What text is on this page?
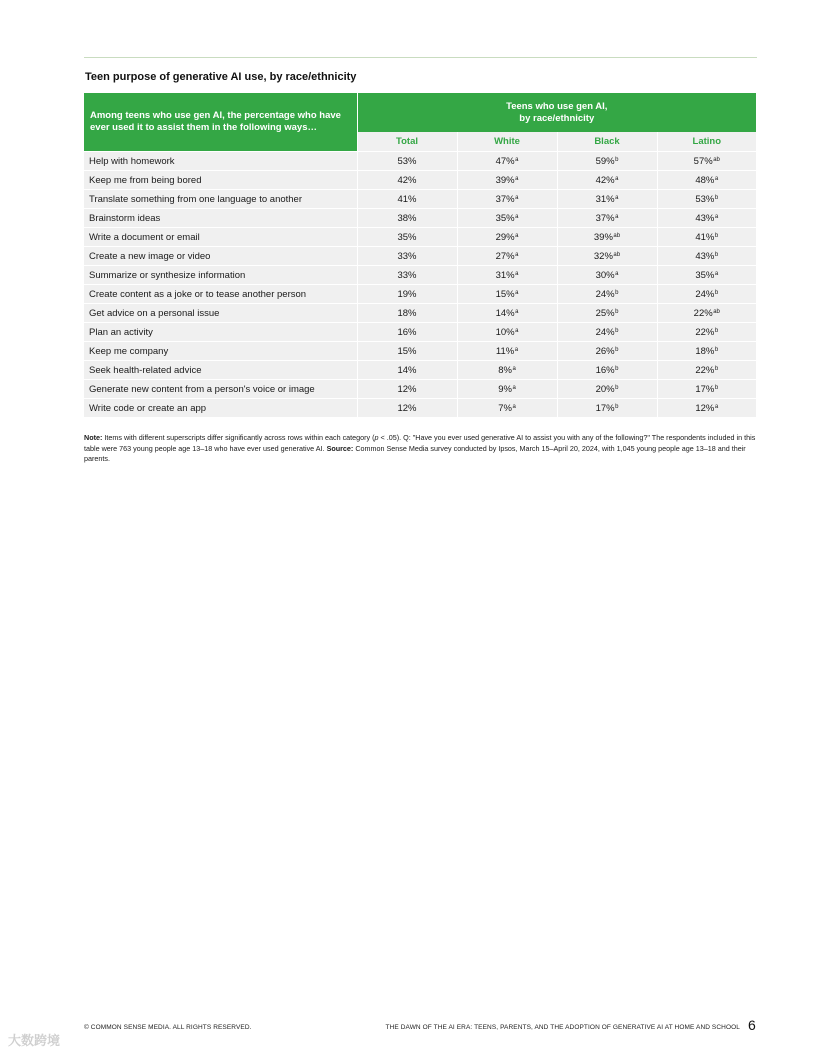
Teen purpose of generative AI use, by race/ethnicity
Among teens who use gen AI, the percentage who have ever used it to assist them in the following ways…	Teens who use gen AI,
by race/ethnicity			

	Total	White	Black	Latino
Help with homework	53%	47%$^a$	59%$^b$	57%$^{ab}$
Keep me from being bored	42%	39%$^a$	42%$^a$	48%$^a$
Translate something from one language to another	41%	37%$^a$	31%$^a$	53%$^b$
Brainstorm ideas	38%	35%$^a$	37%$^a$	43%$^a$
Write a document or email	35%	29%$^a$	39%$^{ab}$	41%$^b$
Create a new image or video	33%	27%$^a$	32%$^{ab}$	43%$^b$
Summarize or synthesize information	33%	31%$^a$	30%$^a$	35%$^a$
Create content as a joke or to tease another person	19%	15%$^a$	24%$^b$	24%$^b$
Get advice on a personal issue	18%	14%$^a$	25%$^b$	22%$^{ab}$
Plan an activity	16%	10%$^a$	24%$^b$	22%$^b$
Keep me company	15%	11%$^a$	26%$^b$	18%$^b$
Seek health-related advice	14%	8%$^a$	16%$^b$	22%$^b$
Generate new content from a person's voice or image	12%	9%$^a$	20%$^b$	17%$^b$
Write code or create an app	12%	7%$^a$	17%$^b$	12%$^a$
Note: Items with different superscripts differ significantly across rows within each category (p < .05). Q: "Have you ever used generative AI to assist you with any of the following?" The respondents included in this table were 763 young people age 13–18 who have ever used generative AI. Source: Common Sense Media survey conducted by Ipsos, March 15–April 20, 2024, with 1,045 young people age 13–18 and their parents.
© COMMON SENSE MEDIA. ALL RIGHTS RESERVED.	THE DAWN OF THE AI ERA: TEENS, PARENTS, AND THE ADOPTION OF GENERATIVE AI AT HOME AND SCHOOL 6
大数跨境
